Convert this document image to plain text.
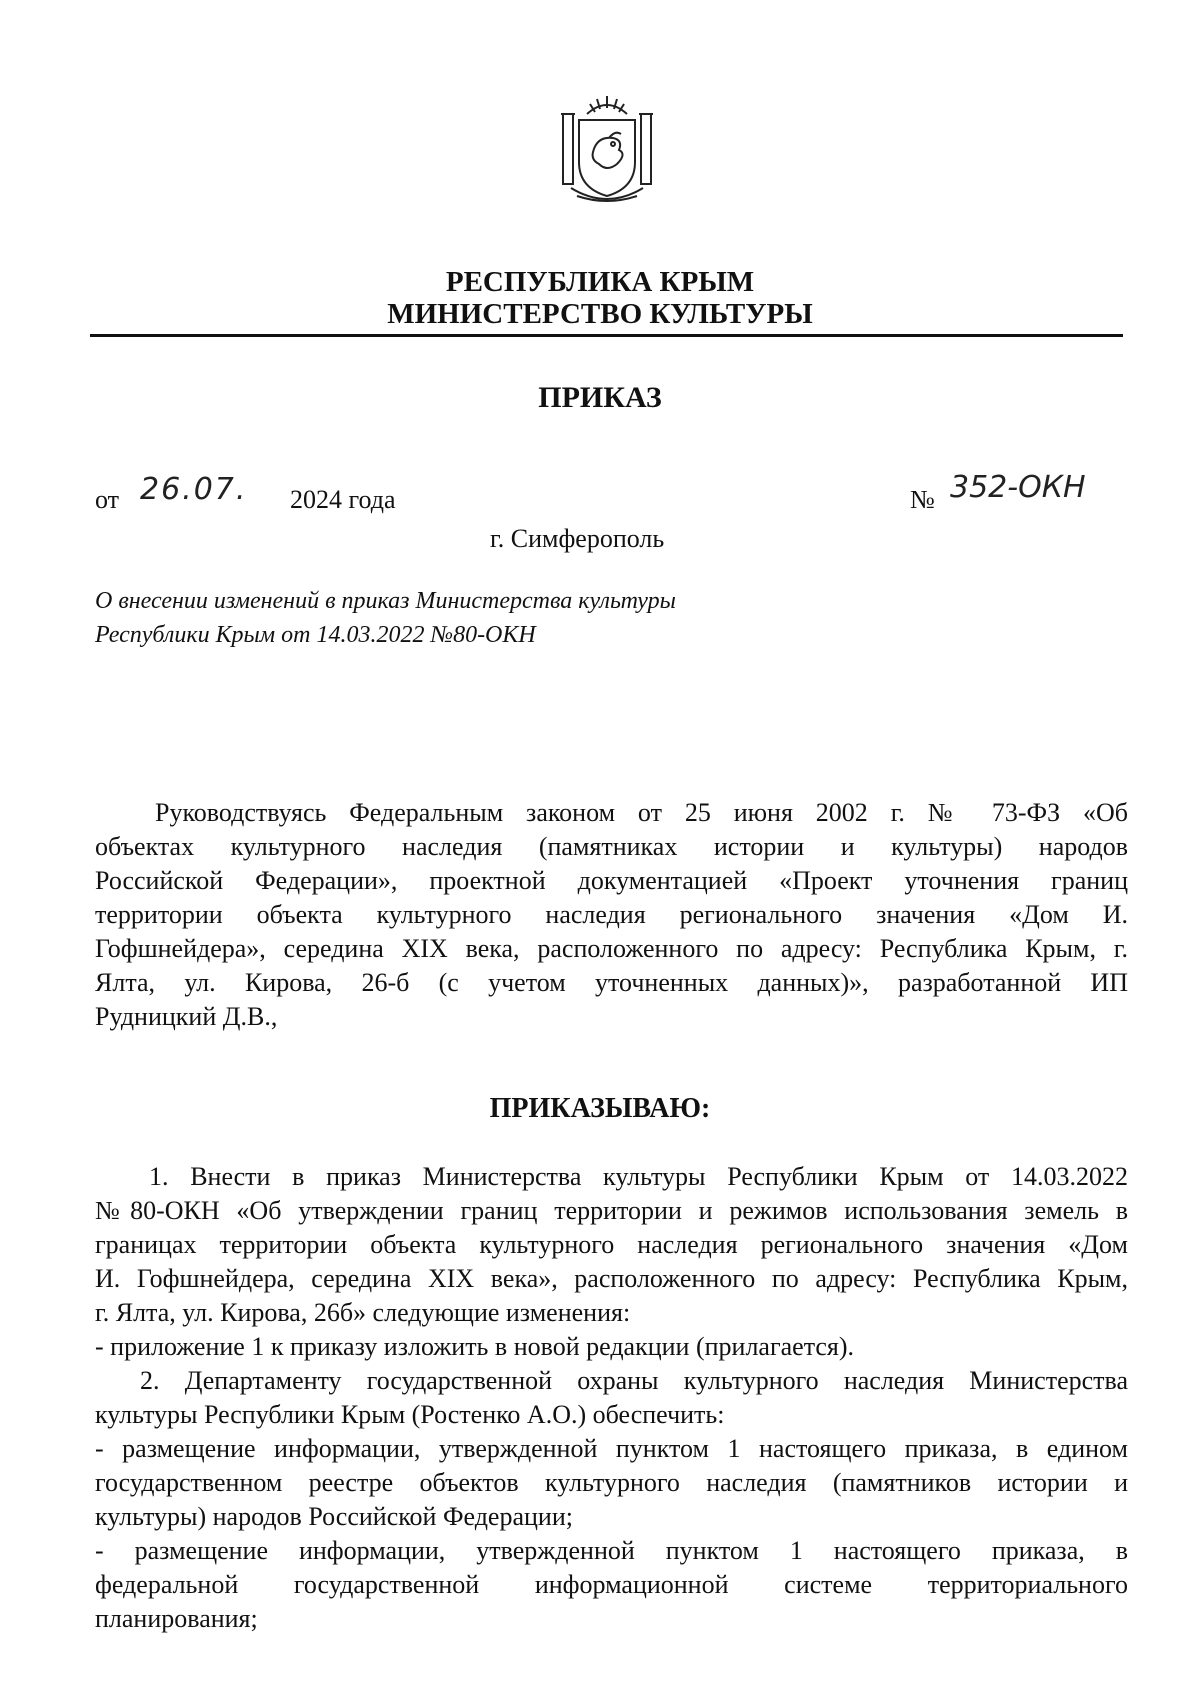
РЕСПУБЛИКА КРЫМ
МИНИСТЕРСТВО КУЛЬТУРЫ
ПРИКАЗ
от 26.07. 2024 года	№ 352-ОКН
г. Симферополь
О внесении изменений в приказ Министерства культуры
Республики Крым от 14.03.2022 №80-ОКН
Руководствуясь Федеральным законом от 25 июня 2002 г. № 73-ФЗ «Об
объектах культурного наследия (памятниках истории и культуры) народов
Российской Федерации», проектной документацией «Проект уточнения границ
территории объекта культурного наследия регионального значения «Дом И.
Гофшнейдера», середина XIX века, расположенного по адресу: Республика Крым, г.
Ялта, ул. Кирова, 26-б (с учетом уточненных данных)», разработанной ИП
Рудницкий Д.В.,
ПРИКАЗЫВАЮ:
1. Внести в приказ Министерства культуры Республики Крым от 14.03.2022
№80-ОКН «Об утверждении границ территории и режимов использования земель в
границах территории объекта культурного наследия регионального значения «Дом
И. Гофшнейдера, середина XIX века», расположенного по адресу: Республика Крым,
г. Ялта, ул. Кирова, 26б» следующие изменения:
- приложение 1 к приказу изложить в новой редакции (прилагается).
2. Департаменту государственной охраны культурного наследия Министерства
культуры Республики Крым (Ростенко А.О.) обеспечить:
- размещение информации, утвержденной пунктом 1 настоящего приказа, в едином
государственном реестре объектов культурного наследия (памятников истории и
культуры) народов Российской Федерации;
- размещение информации, утвержденной пунктом 1 настоящего приказа, в
федеральной государственной информационной системе территориального
планирования;
